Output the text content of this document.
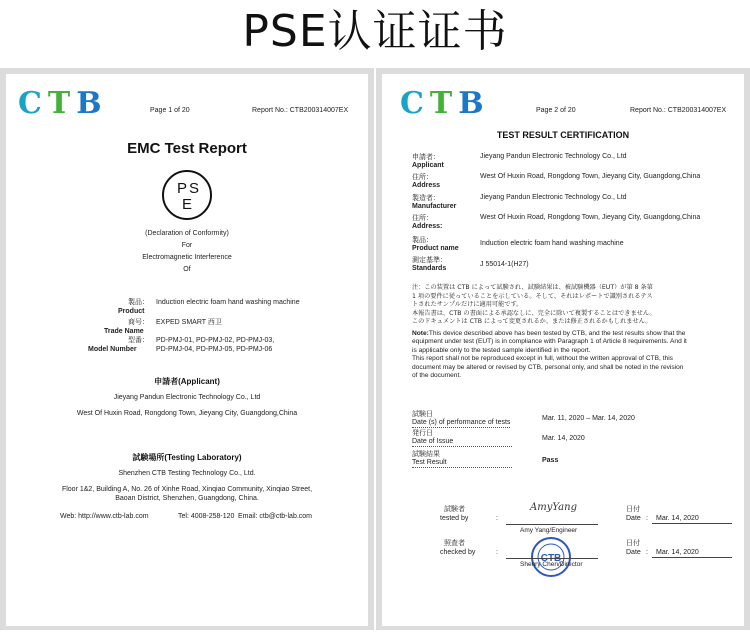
PSE认证证书
C T B	Page 1 of 20	Report No.: CTB200314007EX
EMC Test Report
P S
E
(Declaration of Conformity)
For
Electromagnetic Interference
Of
製品：
Product
Induction electric foam hand washing machine
商号：
Trade Name
EXPED SMART 西卫
型番：
Model Number
PD-PMJ-01, PD-PMJ-02, PD-PMJ-03,
PD-PMJ-04, PD-PMJ-05, PD-PMJ-06
申請者(Applicant)
Jieyang Pandun Electronic Technology Co., Ltd
West Of Huxin Road, Rongdong Town, Jieyang City, Guangdong,China
試験場所(Testing Laboratory)
Shenzhen CTB Testing Technology Co., Ltd.
Floor 1&2, Building A, No. 26 of Xinhe Road, Xinqiao Community, Xinqiao Street,
Baoan District, Shenzhen, Guangdong, China.
Web: http://www.ctb-lab.com	Tel: 4008-258-120 Email: ctb@ctb-lab.com
C T B	Page 2 of 20	Report No.: CTB200314007EX
TEST RESULT CERTIFICATION
申請者：
Applicant
Jieyang Pandun Electronic Technology Co., Ltd
住所：
Address
West Of Huxin Road, Rongdong Town, Jieyang City, Guangdong,China
製造者：
Manufacturer
Jieyang Pandun Electronic Technology Co., Ltd
住所：
Address:
West Of Huxin Road, Rongdong Town, Jieyang City, Guangdong,China
製品：
Product name
Induction electric foam hand washing machine
測定基準：
Standards
J 55014-1(H27)
注：この装置は CTB によって試験され、試験結果は、被試験機器（EUT）が第 8 条第
1 項の要件に従っていることを示している。そして、それはレポートで識別されるテス
トされたサンプルだけに適用可能です。
本報告書は、CTB の書面による承認なしに、完全に除いて複製することはできません。
このドキュメントは CTB によって変更されるか、または修正されるかもしれません。
Note:This device described above has been tested by CTB, and the test results show that the
equipment under test (EUT) is in compliance with Paragraph 1 of Article 8 requirements. And it
is applicable only to the tested sample identified in the report.
This report shall not be reproduced except in full, without the written approval of CTB, this
document may be altered or revised by CTB, personal only, and shall be noted in the revision
of the document.
試験日
Date (s) of performance of tests
Mar. 11, 2020 – Mar. 14, 2020
発行日
Date of Issue	Mar. 14, 2020
試験結果
Test Result	Pass
試験者
tested by	:
AmyYang
Amy Yang/Engineer
日付
Date : Mar. 14, 2020
照査者
checked by	:
CTB
Shenry Chen/Director
日付
Date : Mar. 14, 2020
